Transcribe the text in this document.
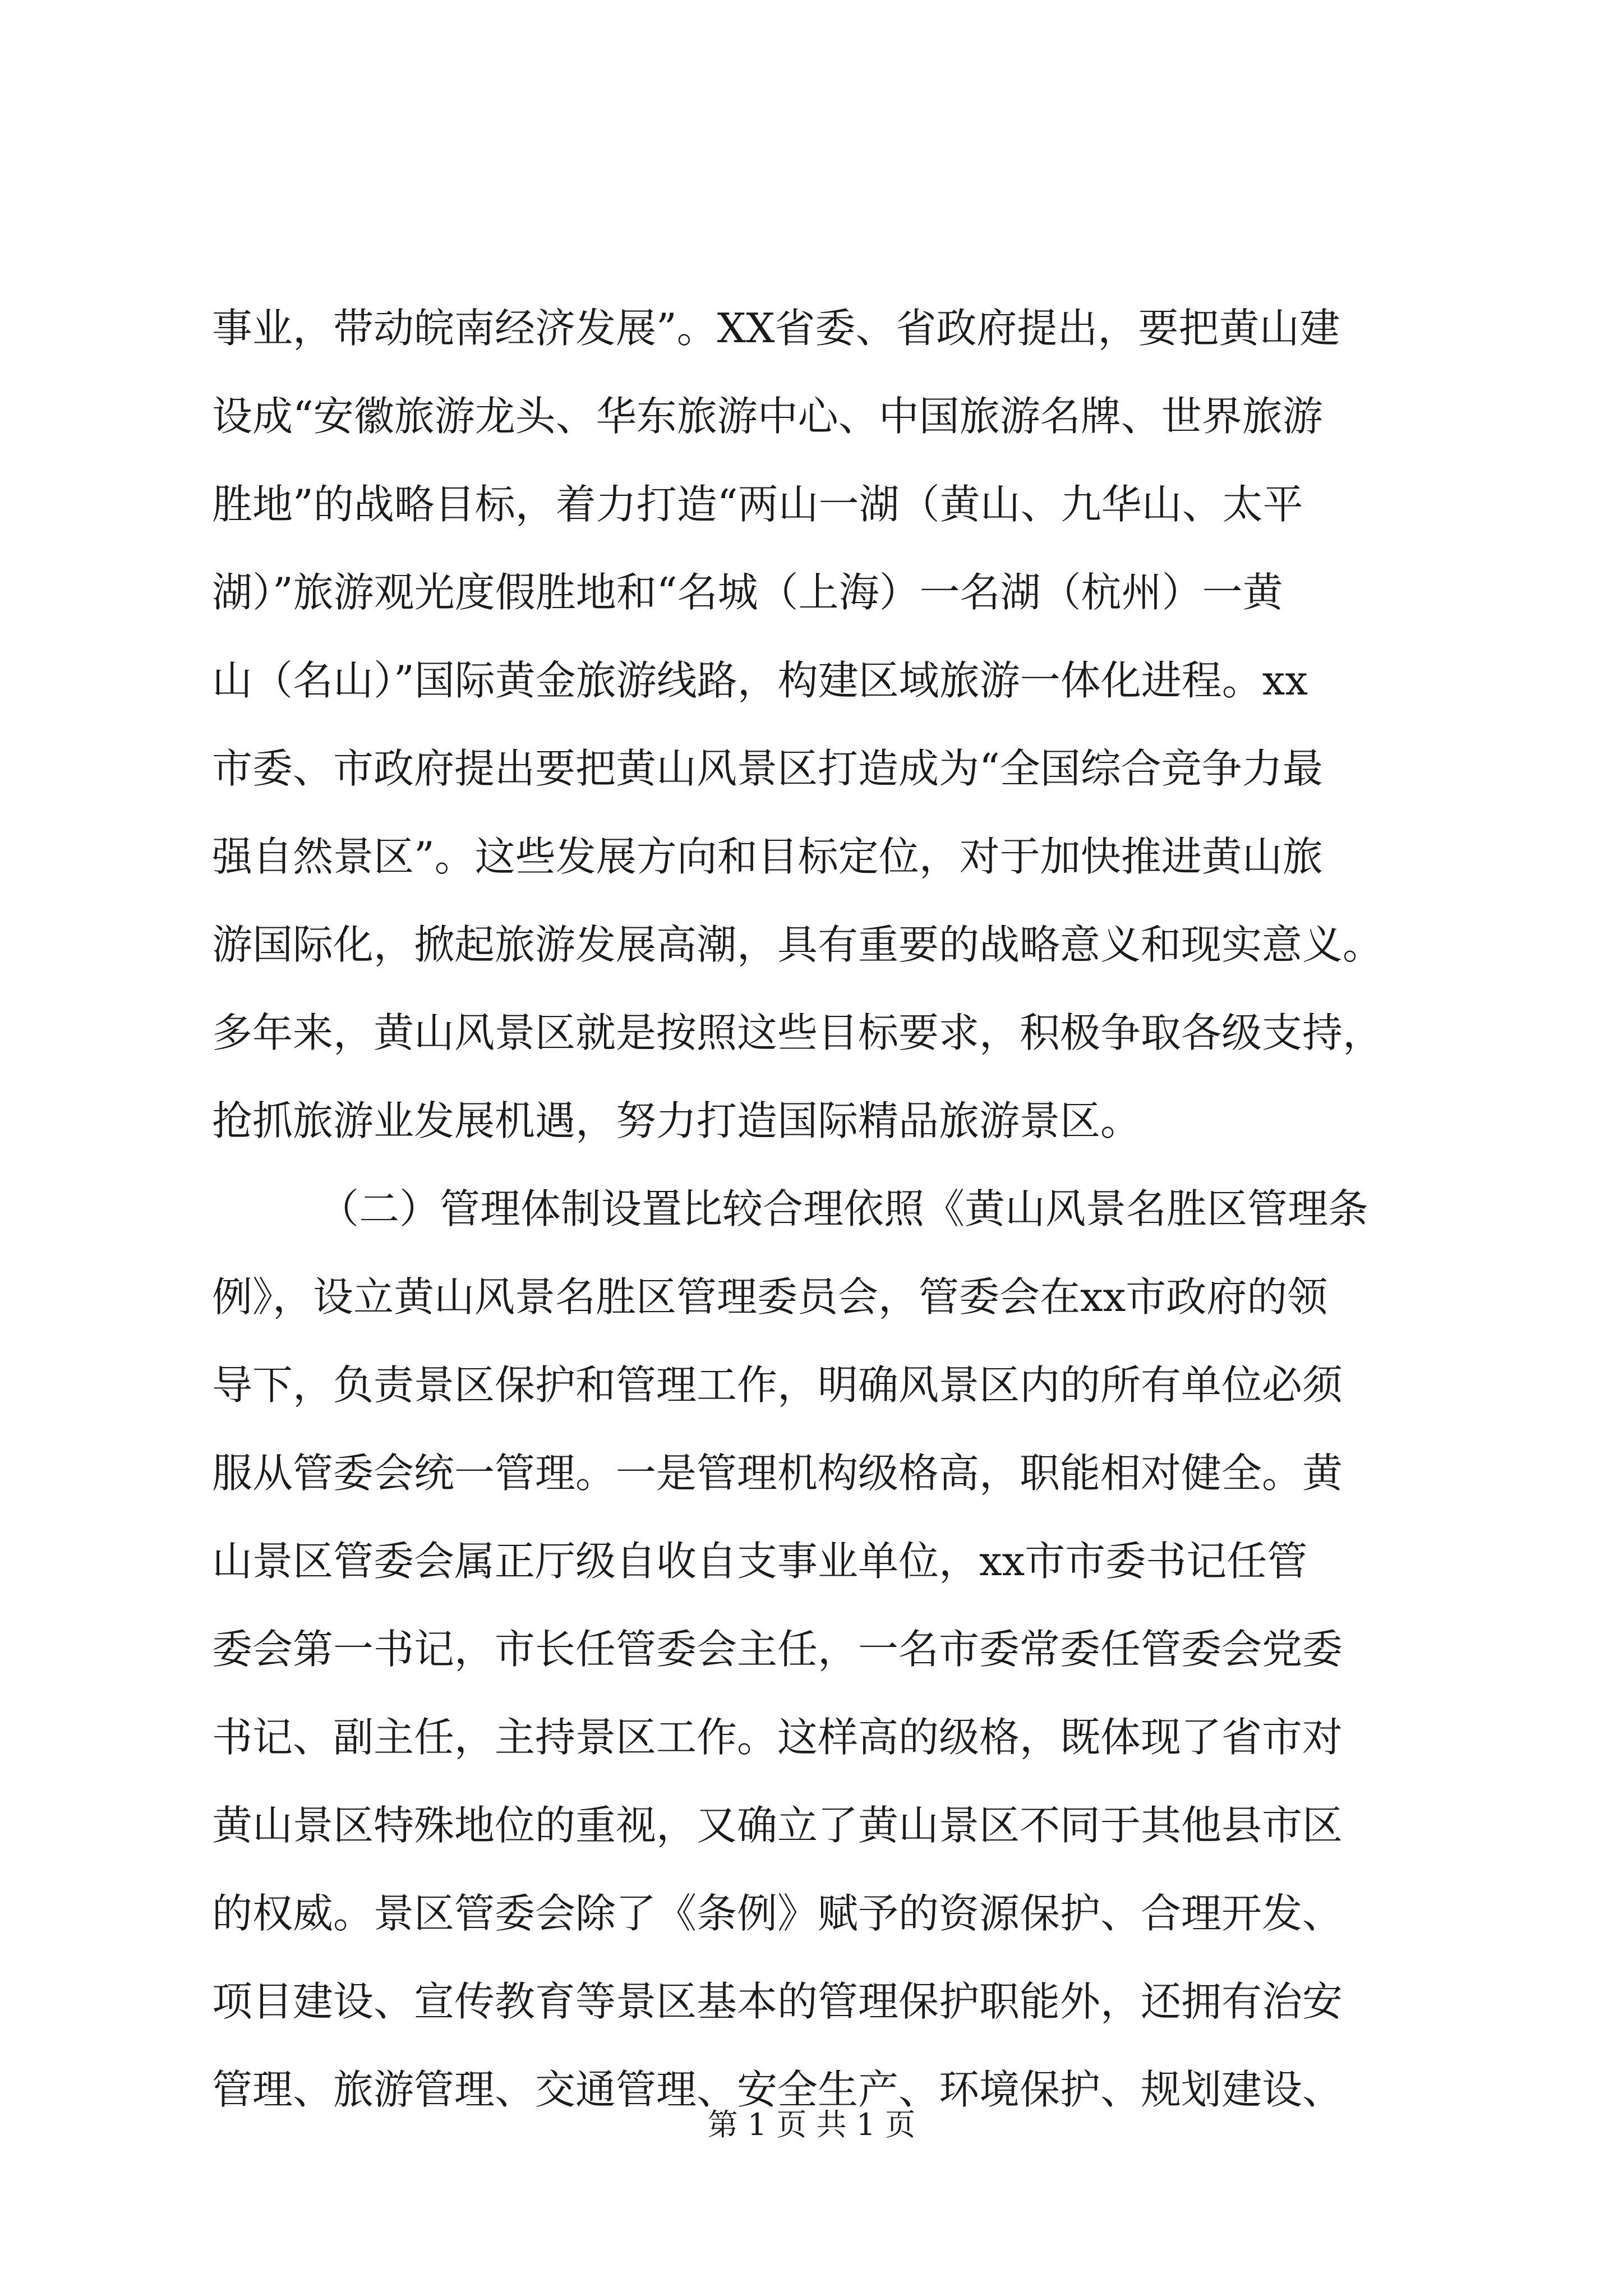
事业，带动皖南经济发展”。XX省委、省政府提出，要把黄山建
设成“安徽旅游龙头、华东旅游中心、中国旅游名牌、世界旅游
胜地”的战略目标，着力打造“两山一湖（黄山、九华山、太平
湖）”旅游观光度假胜地和“名城（上海）一名湖（杭州）一黄
山（名山）”国际黄金旅游线路，构建区域旅游一体化进程。xx
市委、市政府提出要把黄山风景区打造成为“全国综合竞争力最
强自然景区”。这些发展方向和目标定位，对于加快推进黄山旅
游国际化，掀起旅游发展高潮，具有重要的战略意义和现实意义。
多年来，黄山风景区就是按照这些目标要求，积极争取各级支持，
抢抓旅游业发展机遇，努力打造国际精品旅游景区。
（二）管理体制设置比较合理依照《黄山风景名胜区管理条
例》，设立黄山风景名胜区管理委员会，管委会在xx市政府的领
导下，负责景区保护和管理工作，明确风景区内的所有单位必须
服从管委会统一管理。一是管理机构级格高，职能相对健全。黄
山景区管委会属正厅级自收自支事业单位，xx市市委书记任管
委会第一书记，市长任管委会主任，一名市委常委任管委会党委
书记、副主任，主持景区工作。这样高的级格，既体现了省市对
黄山景区特殊地位的重视，又确立了黄山景区不同于其他县市区
的权威。景区管委会除了《条例》赋予的资源保护、合理开发、
项目建设、宣传教育等景区基本的管理保护职能外，还拥有治安
管理、旅游管理、交通管理、安全生产、环境保护、规划建设、
第 1 页 共 1 页
